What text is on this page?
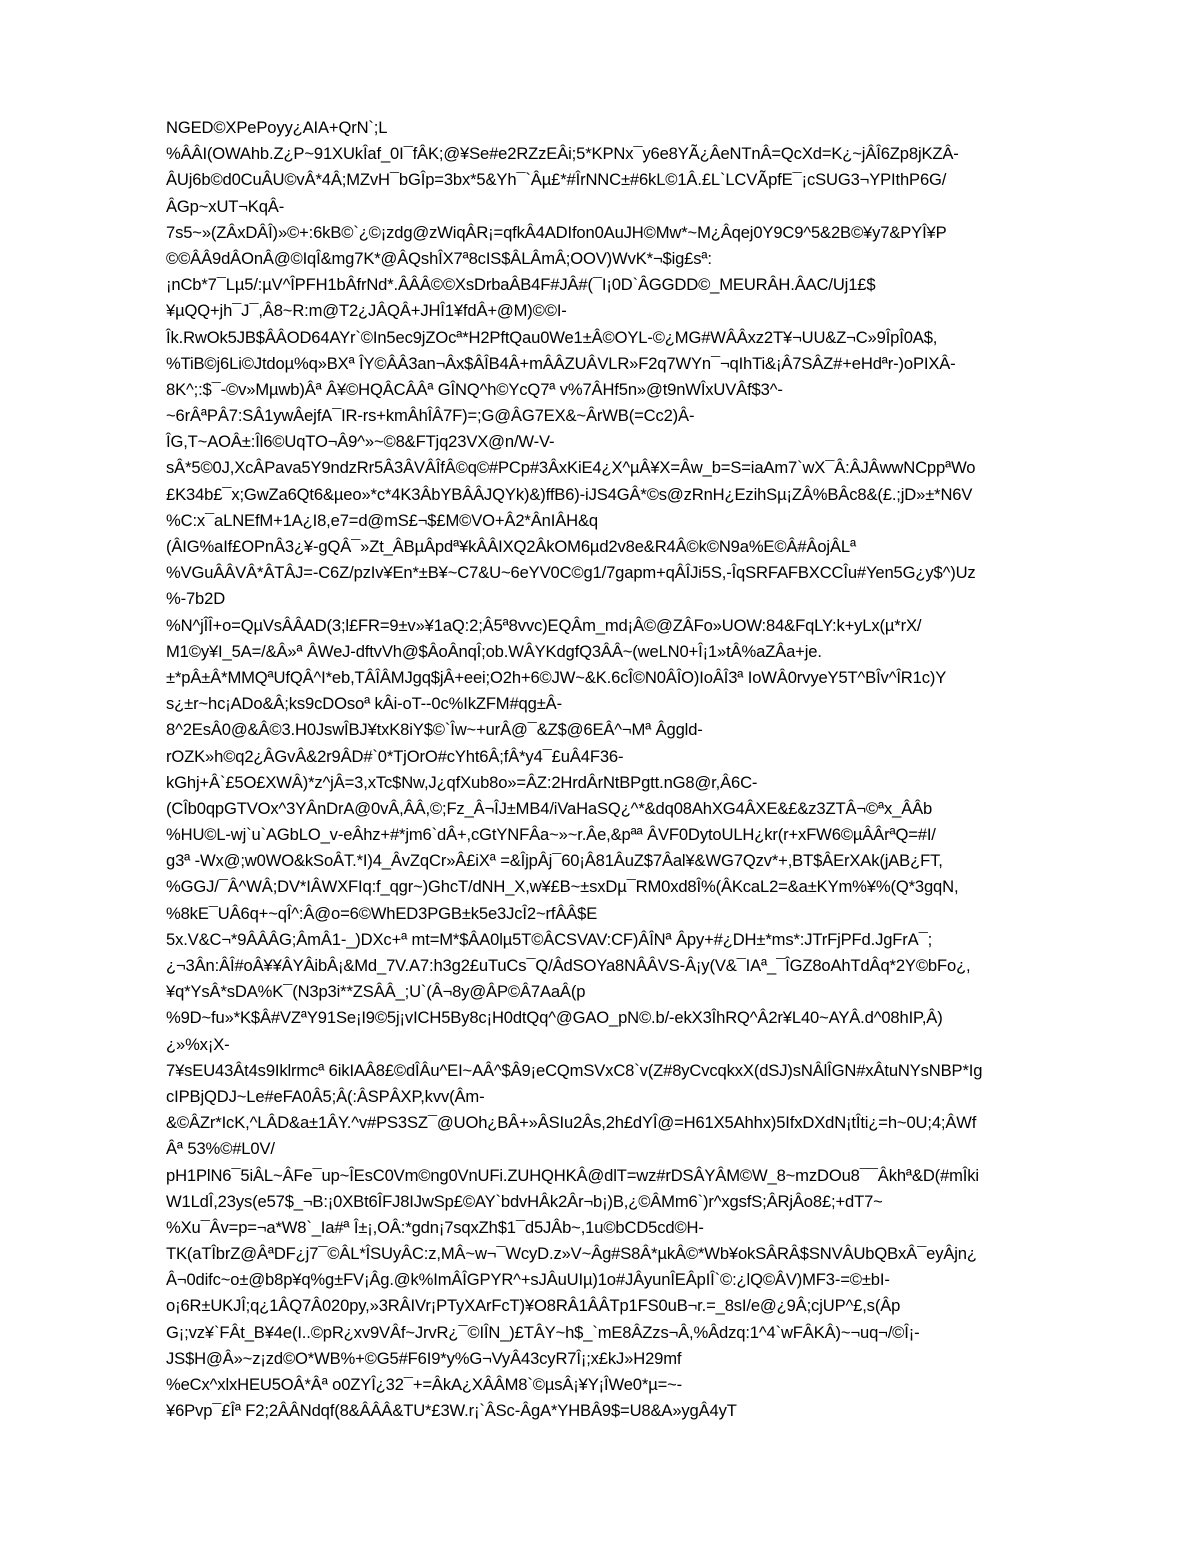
NGED©XPePoyy¿AIA+QrN`;L
%ÂÂI(OWAhb.Z¿P~91XUkÎaf_0I¯fÂK;@¥Se#e2RZzEÂi;5*KPNx¯y6e8YÃ¿ÂeNTnÂ=QcXd=K¿~jÂÎ6Zp8jKZÂ-
ÂUj6b©d0CuÂU©vÂ*4Â;MZvH¯bGÎp=3bx*5&Yh¯`Âµ£*#ÎrNNC±#6kL©1Â.£L`LCVÃpfE¯¡cSUG3¬YPIthP6G/
ÂGp~xUT¬KqÂ-
7s5~»(ZÂxDÂÎ)»©+:6kB©`¿©¡zdg@zWiqÂR¡=qfkÂ4ADIfon0AuJH©Mw*~M¿Âqej0Y9C9^5&2B©¥y7&PYÎ¥P
©©ÂÂ9dÂOnÂ@©IqÎ&mg7K*@ÂQshÎX7ª8cIS$ÂLÂmÂ;OOV)WvK*¬$ig£sª:
¡nCb*7¯Lµ5/:µV^ÎPFH1bÂfrNd*.ÂÂÂ©©XsDrbaÂB4F#JÂ#(¯I¡0D`ÂGGDD©_MEURÂH.ÂAC/Uj1£$
¥µQQ+jh¯J¯,Â8~R:m@T2¿JÂQÂ+JHÎ1¥fdÂ+@M)©©I-
Îk.RwOk5JB$ÂÂOD64AYr`©In5ec9jZOcª*H2PftQau0We1±Â©OYL-©¿MG#WÂÂxz2T¥¬UU&Z¬C»9ÎpÎ0A$,
%TiB©j6Li©Jtdoµ%q»BXª ÎY©ÂÂ3an¬Âx$ÂÎB4Â+mÂÂZUÂVLR»F2q7WYn¯¬qIhTi&¡Â7SÂZ#+eHdªr-)oPIXÂ-
8K^;:$¯-©v»Mµwb)Âª Â¥©HQÂCÂÂª GÎNQ^h©YcQ7ª v%7ÂHf5n»@t9nWÎxUVÂf$3^-
~6rÂªPÂ7:SÂ1ywÂejfA¯IR-rs+kmÂhÎÂ7F)=;G@ÂG7EX&~ÂrWB(=Cc2)Â-
ÎG,T~AOÂ±:Îl6©UqTO¬Â9^»~©8&FTjq23VX@n/W-V-
sÂ*5©0J,XcÂPava5Y9ndzRr5Â3ÂVÂÎfÂ©q©#PCp#3ÂxKiE4¿X^µÂ¥X=Âw_b=S=iaAm7`wX¯Â:ÂJÂwwNCppªWo
£K34b£¯x;GwZa6Qt6&µeo»*c*4K3ÂbYBÂÂJQYk)&)ffB6)-iJS4GÂ*©s@zRnH¿EzihSµ¡ZÂ%BÂc8&(£.;jD»±*N6V
%C:x¯aLNEfM+1A¿I8,e7=d@mS£¬$£M©VO+Â2*ÂnIÂH&q
(ÂIG%aIf£OPnÂ3¿¥-gQÂ¯»Zt_ÂBµÂpdª¥kÂÂIXQ2ÂkOM6µd2v8e&R4Â©k©N9a%E©Â#ÂojÂLª
%VGuÂÂVÂ*ÂTÂJ=-C6Z/pzIv¥En*±B¥~C7&U~6eYV0C©g1/7gapm+qÂÎJi5S,-ÎqSRFAFBXCCÎu#Yen5G¿y$^)Uz
%-7b2D
%N^jÎÎ+o=QµVsÂÂAD(3;l£FR=9±v»¥1aQ:2;Â5ª8vvc)EQÂm_md¡Â©@ZÂFo»UOW:84&FqLY:k+yLx(µ*rX/
M1©y¥I_5A=/&Â»ª ÂWeJ-dftvVh@$ÂoÂnqÎ;ob.WÂYKdgfQ3ÂÂ~(weLN0+Î¡1»tÂ%aZÂa+je.
±*pÂ±Â*MMQªUfQÂ^I*eb,TÂÎÂMJgq$jÂ+eei;O2h+6©JW~&K.6cÎ©N0ÂÎO)IoÂÎ3ª IoWÂ0rvyeY5T^BÎv^ÎR1c)Y
s¿±r~hc¡ADo&Â;ks9cDOsoª kÂi-oT--0c%IkZFM#qg±Â-
8^2EsÂ0@&Â©3.H0JswÎBJ¥txK8iY$©`Îw~+urÂ@¯&Z$@6EÂ^¬Mª Âggld-
rOZK»h©q2¿ÂGvÂ&2r9ÂD#`0*TjOrO#cYht6Â;fÂ*y4¯£uÂ4F36-
kGhj+Â`£5O£XWÂ)*z^jÂ=3,xTc$Nw,J¿qfXub8o»=ÂZ:2HrdÂrNtBPgtt.nG8@r,Â6C-
(CÎb0qpGTVOx^3YÂnDrA@0vÂ,ÂÂ,©;Fz_Â¬ÎJ±MB4/iVaHaSQ¿^*&dq08AhXG4ÂXE&£&z3ZTÂ¬©ªx_ÂÂb
%HU©L-wj`u`AGbLO_v-eÂhz+#*jm6`dÂ+,cGtYNFÂa~»~r.Âe,&pªª ÂVF0DytoULH¿kr(r+xFW6©µÂÂrªQ=#I/
g3ª -Wx@;w0WO&kSoÂT.*I)4_ÂvZqCr»Â£iXª =&ÎjpÂj¯60¡Â81ÂuZ$7Âal¥&WG7Qzv*+,BT$ÂErXAk(jAB¿FT,
%GGJ/¯Â^WÂ;DV*IÂWXFIq:f_qgr~)GhcT/dNH_X,w¥£B~±sxDµ¯RM0xd8Î%(ÂKcaL2=&a±KYm%¥%(Q*3gqN,
%8kE¯UÂ6q+~qÎ^:Â@o=6©WhED3PGB±k5e3JcÎ2~rfÂÂ$E
5x.V&C¬*9ÂÂÂG;ÂmÂ1-_)DXc+ª mt=M*$ÂA0lµ5T©ÂCSVAV:CF)ÂÎNª Âpy+#¿DH±*ms*:JTrFjPFd.JgFrA¯;
¿¬3Ân:ÂÎ#oÂ¥¥ÂYÂibÂ¡&Md_7V.A7:h3g2£uTuCs¯Q/ÂdSOYa8NÂÂVS-Â¡y(V&¯IAª_¯ÎGZ8oAhTdÂq*2Y©bFo¿,
¥q*YsÂ*sDA%K¯(N3p3i**ZSÂÂ_;U`(Â¬8y@ÂP©Â7AaÂ(p
%9D~fu»*K$Â#VZªY91Se¡I9©5j¡vICH5By8c¡H0dtQq^@GAO_pN©.b/-ekX3ÎhRQ^Â2r¥L40~AYÂ.d^08hIP,Â)
¿»%x¡X-
7¥sEU43Ât4s9Iklrmcª 6ikIAÂ8£©dÎÂu^EI~AÂ^$Â9¡eCQmSVxC8`v(Z#8yCvcqkxX(dSJ)sNÂlÎGN#xÂtuNYsNBP*Ig
cIPBjQDJ~Le#eFA0Â5;Â(:ÂSPÂXP,kvv(Âm-
&©ÂZr*IcK,^LÂD&a±1ÂY.^v#PS3SZ¯@UOh¿BÂ+»ÂSIu2Âs,2h£dYÎ@=H61X5Ahhx)5IfxDXdN¡tÎti¿=h~0U;4;ÂWf
Âª 53%©#L0V/
pH1PlN6¯5iÂL~ÂFe¯up~ÎEsC0Vm©ng0VnUFi.ZUHQHKÂ@dlT=wz#rDSÂYÂM©W_8~mzDOu8¯¯Âkhª&D(#mÎki
W1LdÎ,23ys(e57$_¬B:¡0XBt6ÎFJ8IJwSp£©AY`bdvHÂk2Âr¬b¡)B,¿©ÂMm6`)r^xgsfS;ÂRjÂo8£;+dT7~
%Xu¯Âv=p=¬a*W8`_Ia#ª Î±¡,OÂ:*gdn¡7sqxZh$1¯d5JÂb~,1u©bCD5cd©H-
TK(aTÎbrZ@ÂªDF¿j7¯©ÂL*ÎSUyÂC:z,MÂ~w¬¯WcyD.z»V~Âg#S8Â*µkÂ©*Wb¥okSÂRÂ$SNVÂUbQBxÂ¯eyÂjn¿
Â¬0difc~o±@b8p¥q%g±FV¡Âg.@k%ImÂÎGPYR^+sJÂuUIµ)1o#JÂyunÎEÂpIÎ`©:¿lQ©ÂV)MF3-=©±bI-
o¡6R±UKJÎ;q¿1ÂQ7Â020py,»3RÂIVr¡PTyXArFcT)¥O8RÂ1ÂÂTp1FS0uB¬r.=_8sI/e@¿9Â;cjUP^£,s(Âp
G¡;vz¥`FÂt_B¥4e(I..©pR¿xv9VÂf~JrvR¿¯©IÎN_)£TÂY~h$_`mE8ÂZzs¬Â,%Âdzq:1^4`wFÂKÂ)~¬uq¬/©Î¡-
JS$H@Â»~z¡zd©O*WB%+©G5#F6I9*y%G¬VyÂ43cyR7Î¡;x£kJ»H29mf
%eCx^xlxHEU5OÂ*Âª o0ZYÎ¿32¯+=ÂkA¿XÂÂM8`©µsÂ¡¥Y¡ÎWe0*µ=~-
¥6Pvp¯£Îª F2;2ÂÂNdqf(8&ÂÂÂ&TU*£3W.r¡`ÂSc-ÂgA*YHBÂ9$=U8&A»ygÂ4yT
